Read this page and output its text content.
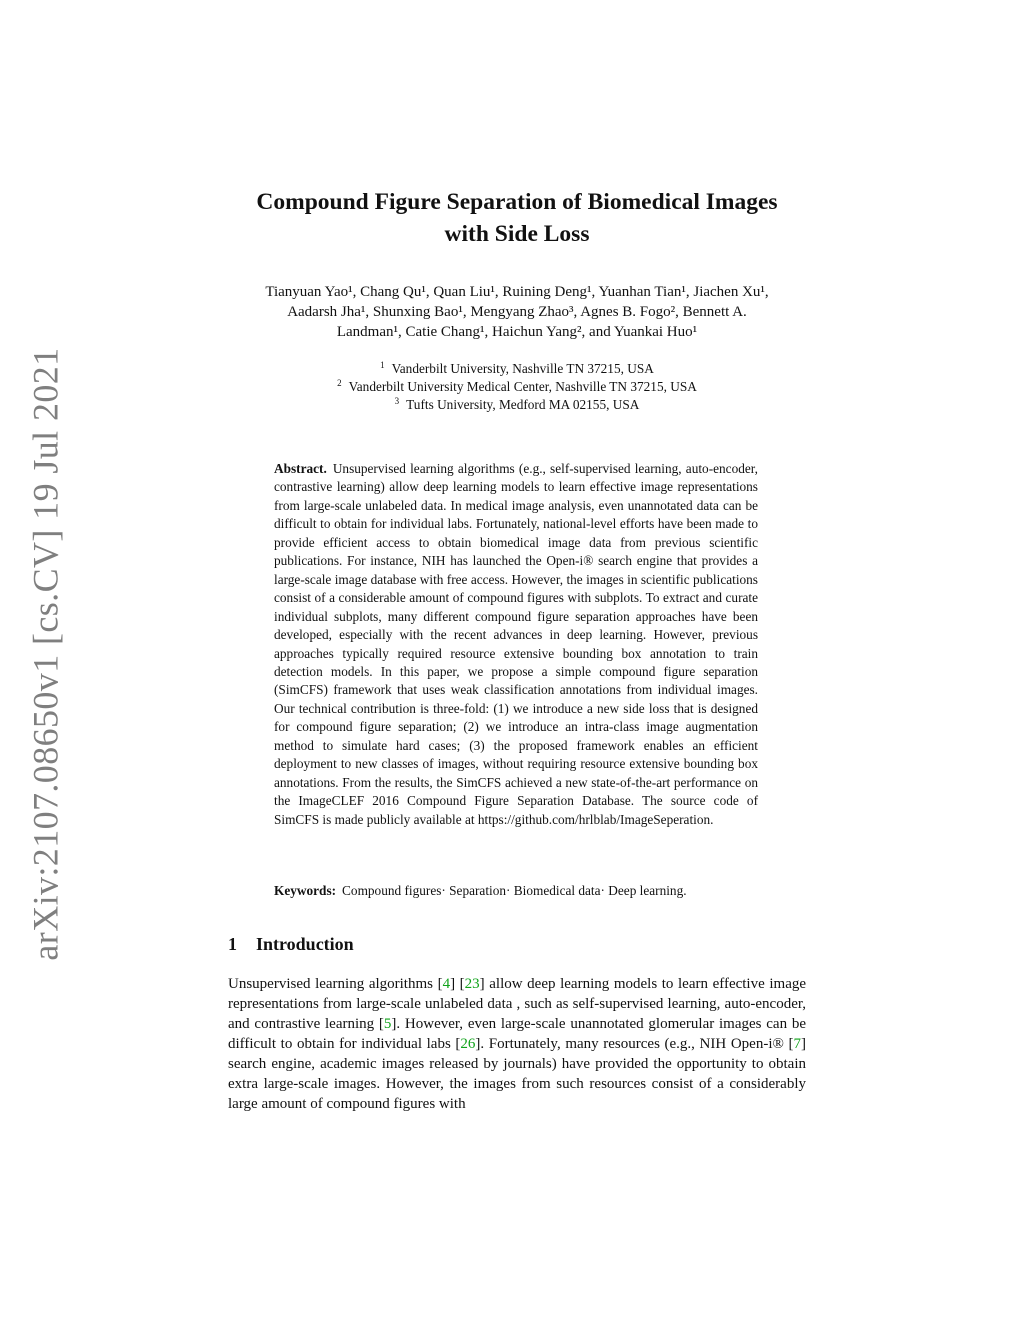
arXiv:2107.08650v1 [cs.CV] 19 Jul 2021
Compound Figure Separation of Biomedical Images
with Side Loss
Tianyuan Yao¹, Chang Qu¹, Quan Liu¹, Ruining Deng¹, Yuanhan Tian¹, Jiachen Xu¹,
Aadarsh Jha¹, Shunxing Bao¹, Mengyang Zhao³, Agnes B. Fogo², Bennett A.
Landman¹, Catie Chang¹, Haichun Yang², and Yuankai Huo¹
$^1$ Vanderbilt University, Nashville TN 37215, USA
$^2$ Vanderbilt University Medical Center, Nashville TN 37215, USA
$^3$ Tufts University, Medford MA 02155, USA

Abstract. Unsupervised learning algorithms (e.g., self-supervised learning, auto-encoder, contrastive learning) allow deep learning models to learn effective image representations from large-scale unlabeled data. In medical image analysis, even unannotated data can be difficult to obtain for individual labs. Fortunately, national-level efforts have been made to provide efficient access to obtain biomedical image data from previous scientific publications. For instance, NIH has launched the Open-i® search engine that provides a large-scale image database with free access. However, the images in scientific publications consist of a considerable amount of compound figures with subplots. To extract and curate individual subplots, many different compound figure separation approaches have been developed, especially with the recent advances in deep learning. However, previous approaches typically required resource extensive bounding box annotation to train detection models. In this paper, we propose a simple compound figure separation (SimCFS) framework that uses weak classification annotations from individual images. Our technical contribution is three-fold: (1) we introduce a new side loss that is designed for compound figure separation; (2) we introduce an intra-class image augmentation method to simulate hard cases; (3) the proposed framework enables an efficient deployment to new classes of images, without requiring resource extensive bounding box annotations. From the results, the SimCFS achieved a new state-of-the-art performance on the ImageCLEF 2016 Compound Figure Separation Database. The source code of SimCFS is made publicly available at https://github.com/hrlblab/ImageSeperation.

Keywords: Compound figures· Separation· Biomedical data· Deep learning.

1 Introduction

Unsupervised learning algorithms [4] [23] allow deep learning models to learn effective image representations from large-scale unlabeled data , such as self-supervised learning, auto-encoder, and contrastive learning [5]. However, even large-scale unannotated glomerular images can be difficult to obtain for individual labs [26]. Fortunately, many resources (e.g., NIH Open-i® [7] search engine, academic images released by journals) have provided the opportunity to obtain extra large-scale images. However, the images from such resources consist of a considerably large amount of compound figures with
